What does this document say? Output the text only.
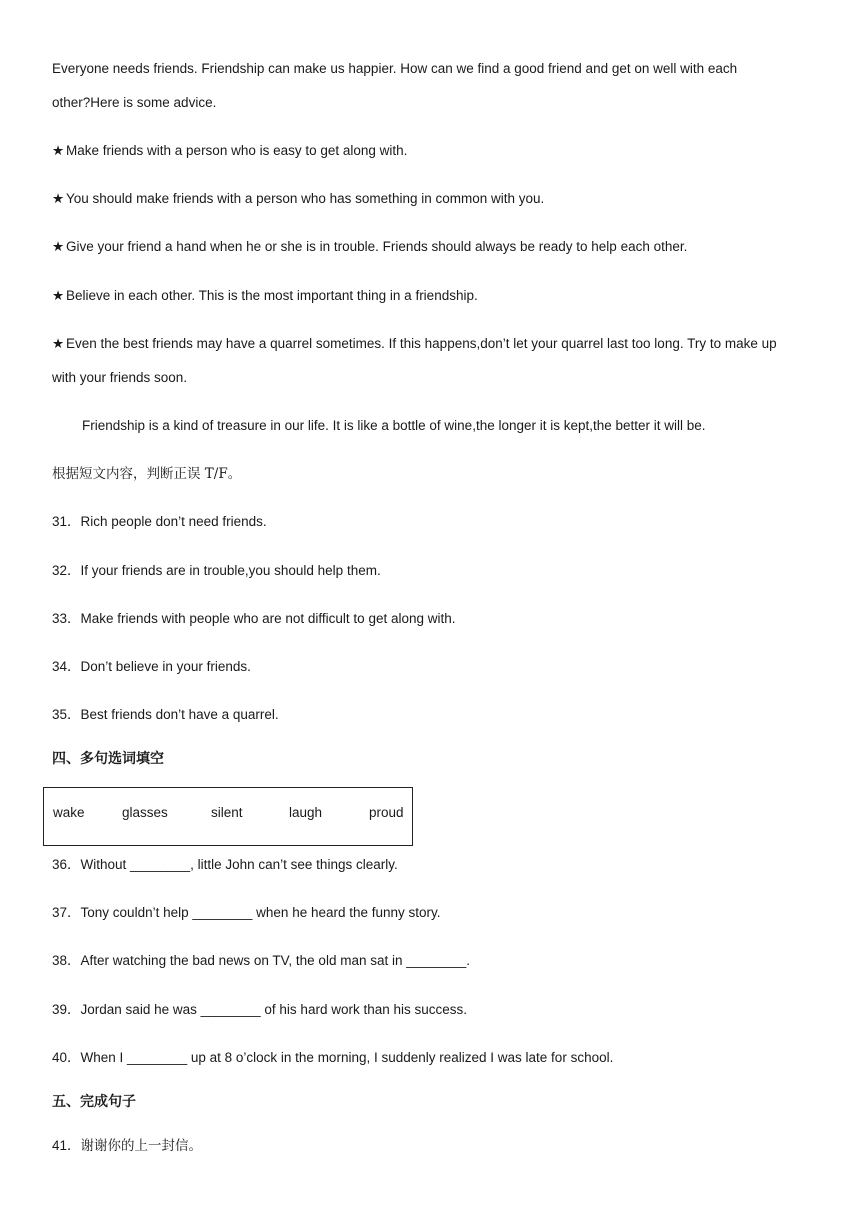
Everyone needs friends. Friendship can make us happier. How can we find a good friend and get on well with each
other?Here is some advice.
★ Make friends with a person who is easy to get along with.
★ You should make friends with a person who has something in common with you.
★ Give your friend a hand when he or she is in trouble. Friends should always be ready to help each other.
★ Believe in each other. This is the most important thing in a friendship.
★ Even the best friends may have a quarrel sometimes. If this happens,don’t let your quarrel last too long. Try to make up
with your friends soon.
Friendship is a kind of treasure in our life. It is like a bottle of wine,the longer it is kept,the better it will be.
根据短文内容，判断正误 T/F。
31．Rich people don’t need friends.
32．If your friends are in trouble,you should help them.
33．Make friends with people who are not difficult to get along with.
34．Don’t believe in your friends.
35．Best friends don’t have a quarrel.
四、多句选词填空
wake	glasses	silent	laugh	proud
36．Without ________, little John can’t see things clearly.
37．Tony couldn’t help ________ when he heard the funny story.
38．After watching the bad news on TV, the old man sat in ________.
39．Jordan said he was ________ of his hard work than his success.
40．When I ________ up at 8 o’clock in the morning, I suddenly realized I was late for school.
五、完成句子
41．谢谢你的上一封信。
